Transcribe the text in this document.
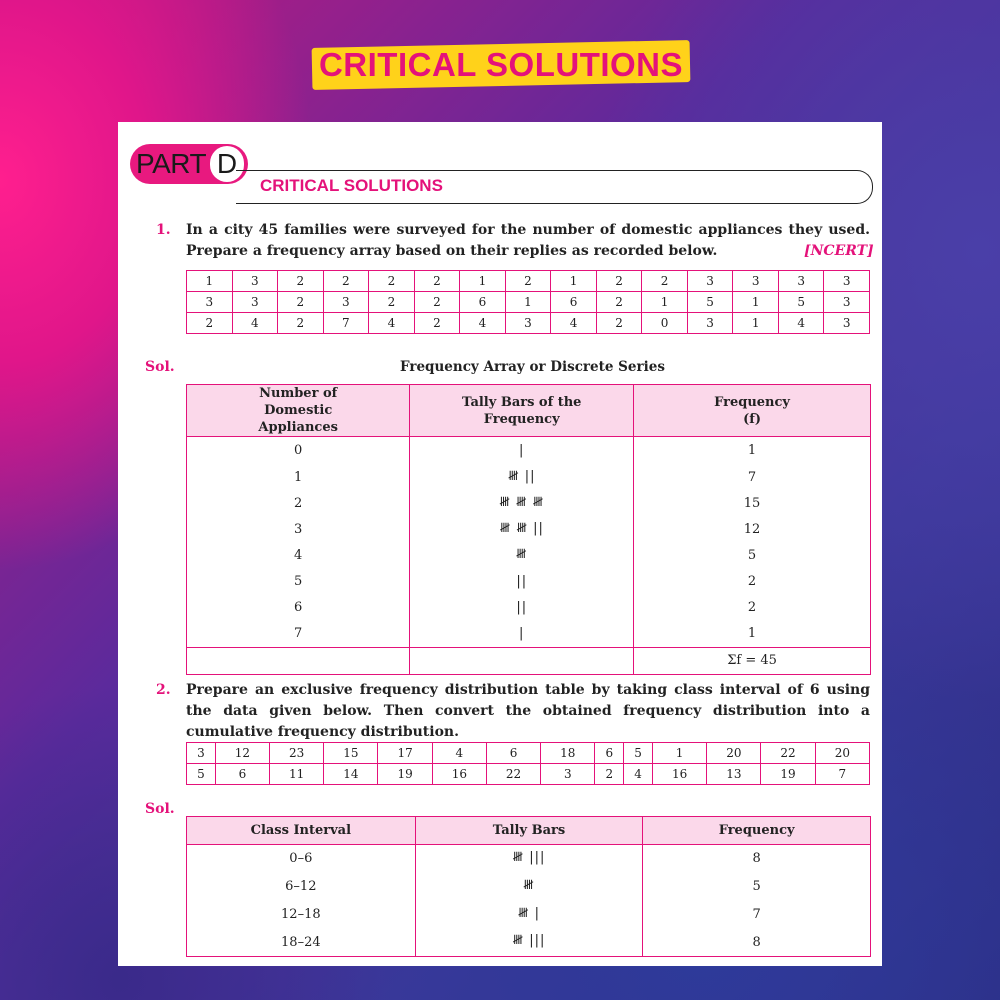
CRITICAL SOLUTIONS
PART D
CRITICAL SOLUTIONS
1. In a city 45 families were surveyed for the number of domestic appliances they used. Prepare a frequency array based on their replies as recorded below.	[NCERT]
1	3	2	2	2	2	1	2	1	2	2	3	3	3	3
3	3	2	3	2	2	6	1	6	2	1	5	1	5	3
2	4	2	7	4	2	4	3	4	2	0	3	1	4	3
Sol.	Frequency Array or Discrete Series
Number of Domestic Appliances	Tally Bars of the Frequency	Frequency (f)
0	|	1
1	𝍸 ||	7
2	𝍸 𝍸 𝍸	15
3	𝍸 𝍸 ||	12
4	𝍸	5
5	||	2
6	||	2
7	|	1
		Σf = 45
2. Prepare an exclusive frequency distribution table by taking class interval of 6 using the data given below. Then convert the obtained frequency distribution into a cumulative frequency distribution.
3	12	23	15	17	4	6	18	6	5	1	20	22	20
5	6	11	14	19	16	22	3	2	4	16	13	19	7
Sol.
Class Interval	Tally Bars	Frequency
0–6	𝍸 |||	8
6–12	𝍸	5
12–18	𝍸 |	7
18–24	𝍸 |||	8
